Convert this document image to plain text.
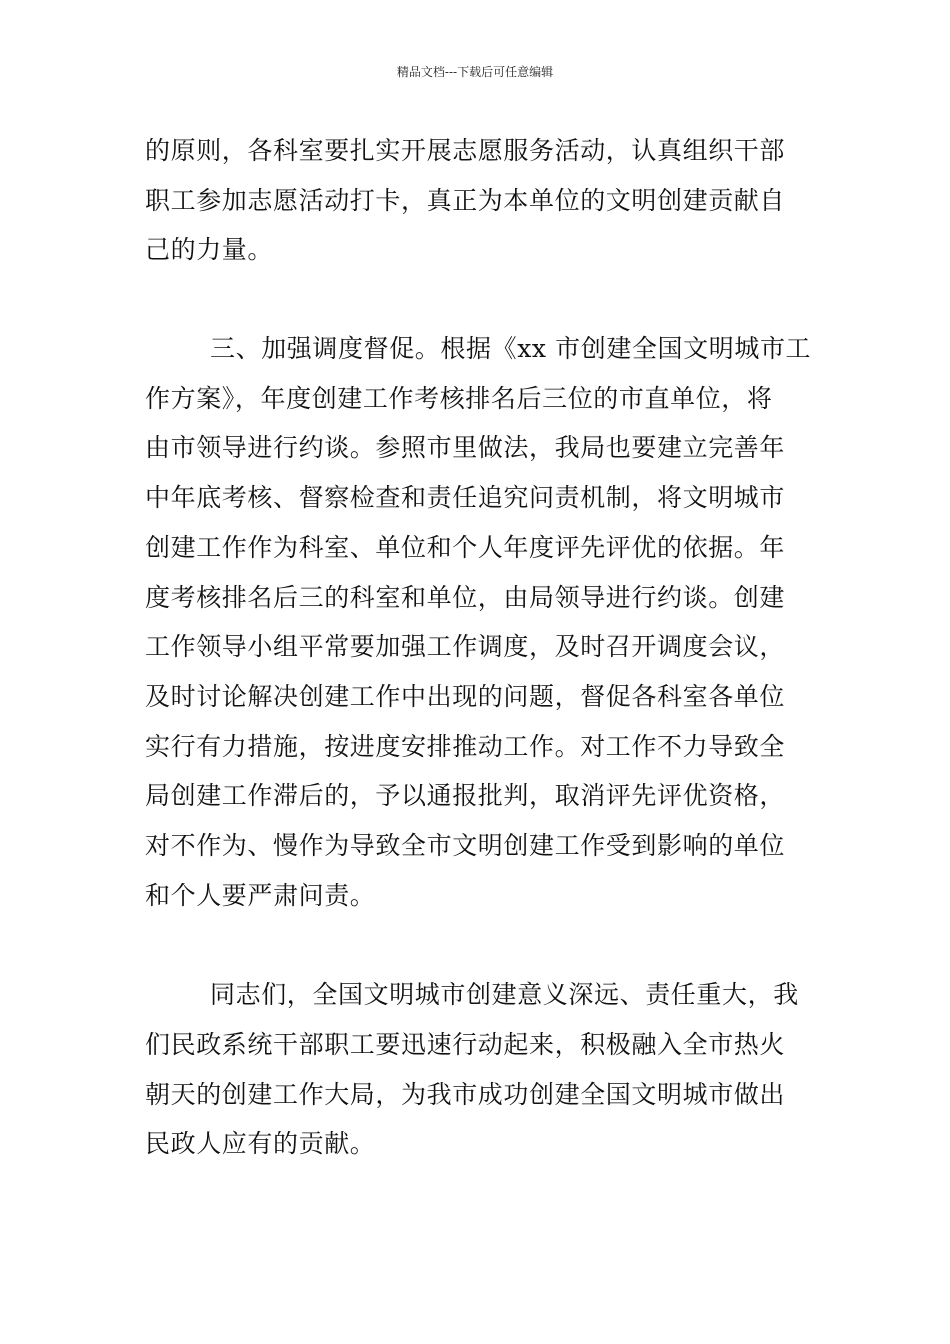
精品文档---下载后可任意编辑
的原则，各科室要扎实开展志愿服务活动，认真组织干部
职工参加志愿活动打卡，真正为本单位的文明创建贡献自
己的力量。
三、加强调度督促。根据《xx 市创建全国文明城市工
作方案》，年度创建工作考核排名后三位的市直单位，将
由市领导进行约谈。参照市里做法，我局也要建立完善年
中年底考核、督察检查和责任追究问责机制，将文明城市
创建工作作为科室、单位和个人年度评先评优的依据。年
度考核排名后三的科室和单位，由局领导进行约谈。创建
工作领导小组平常要加强工作调度，及时召开调度会议，
及时讨论解决创建工作中出现的问题，督促各科室各单位
实行有力措施，按进度安排推动工作。对工作不力导致全
局创建工作滞后的，予以通报批判，取消评先评优资格，
对不作为、慢作为导致全市文明创建工作受到影响的单位
和个人要严肃问责。
同志们，全国文明城市创建意义深远、责任重大，我
们民政系统干部职工要迅速行动起来，积极融入全市热火
朝天的创建工作大局，为我市成功创建全国文明城市做出
民政人应有的贡献。
